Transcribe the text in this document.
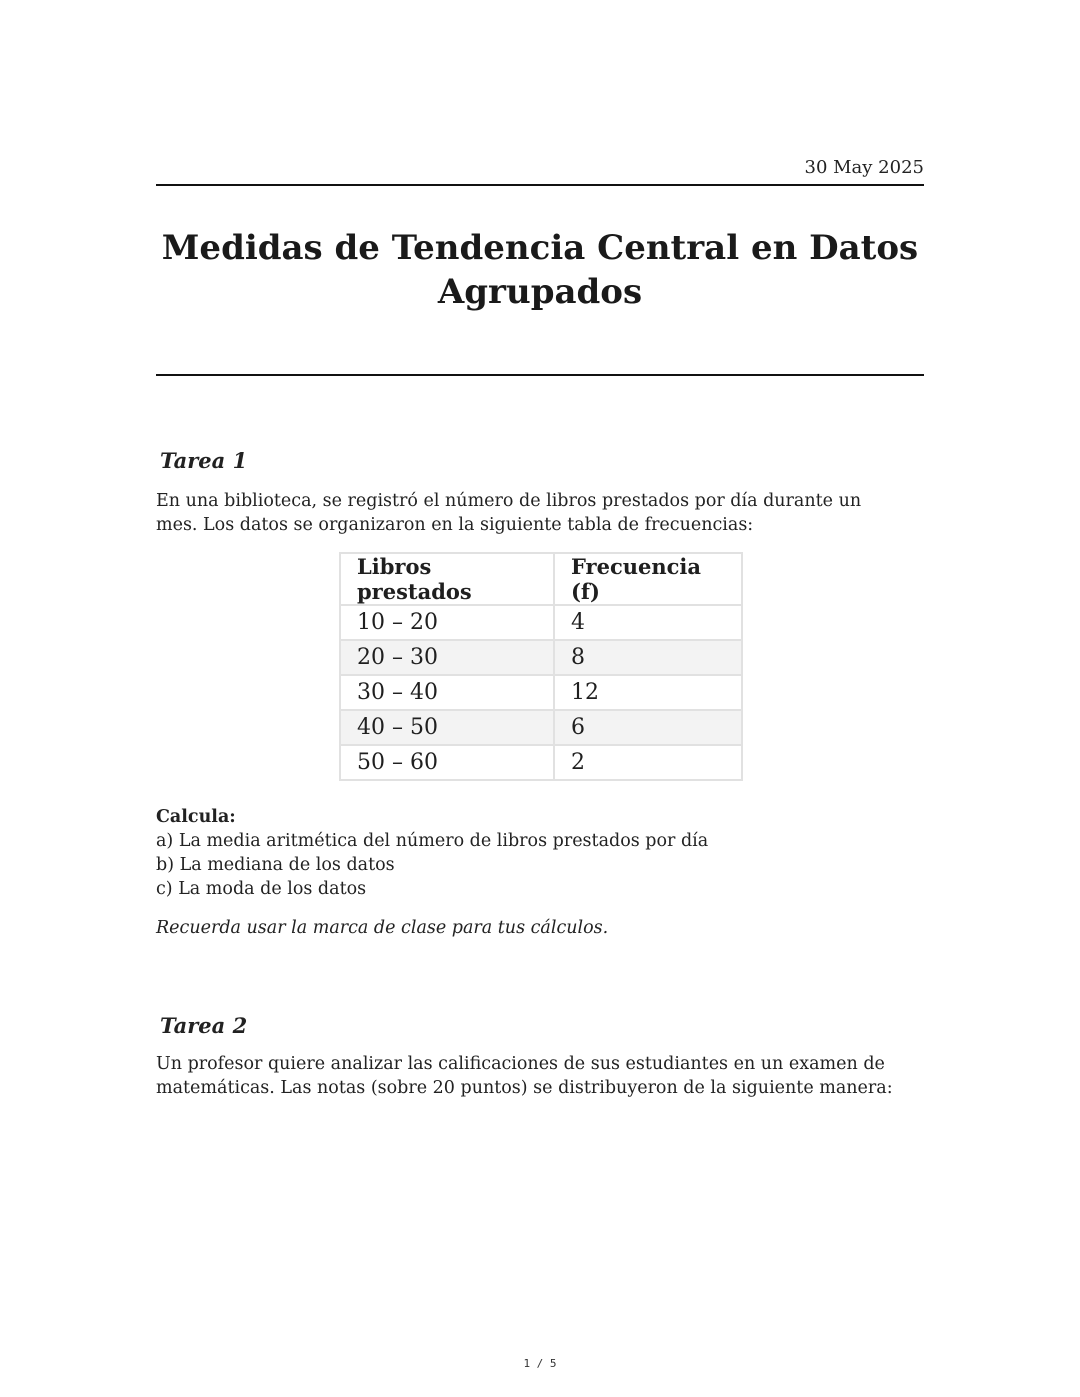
30 May 2025
Medidas de Tendencia Central en Datos Agrupados
Tarea 1
En una biblioteca, se registró el número de libros prestados por día durante un mes. Los datos se organizaron en la siguiente tabla de frecuencias:
Libros prestados	Frecuencia (f)
10 – 20	4
20 – 30	8
30 – 40	12
40 – 50	6
50 – 60	2
Calcula:
a) La media aritmética del número de libros prestados por día
b) La mediana de los datos
c) La moda de los datos
Recuerda usar la marca de clase para tus cálculos.
Tarea 2
Un profesor quiere analizar las calificaciones de sus estudiantes en un examen de matemáticas. Las notas (sobre 20 puntos) se distribuyeron de la siguiente manera:
1 / 5
